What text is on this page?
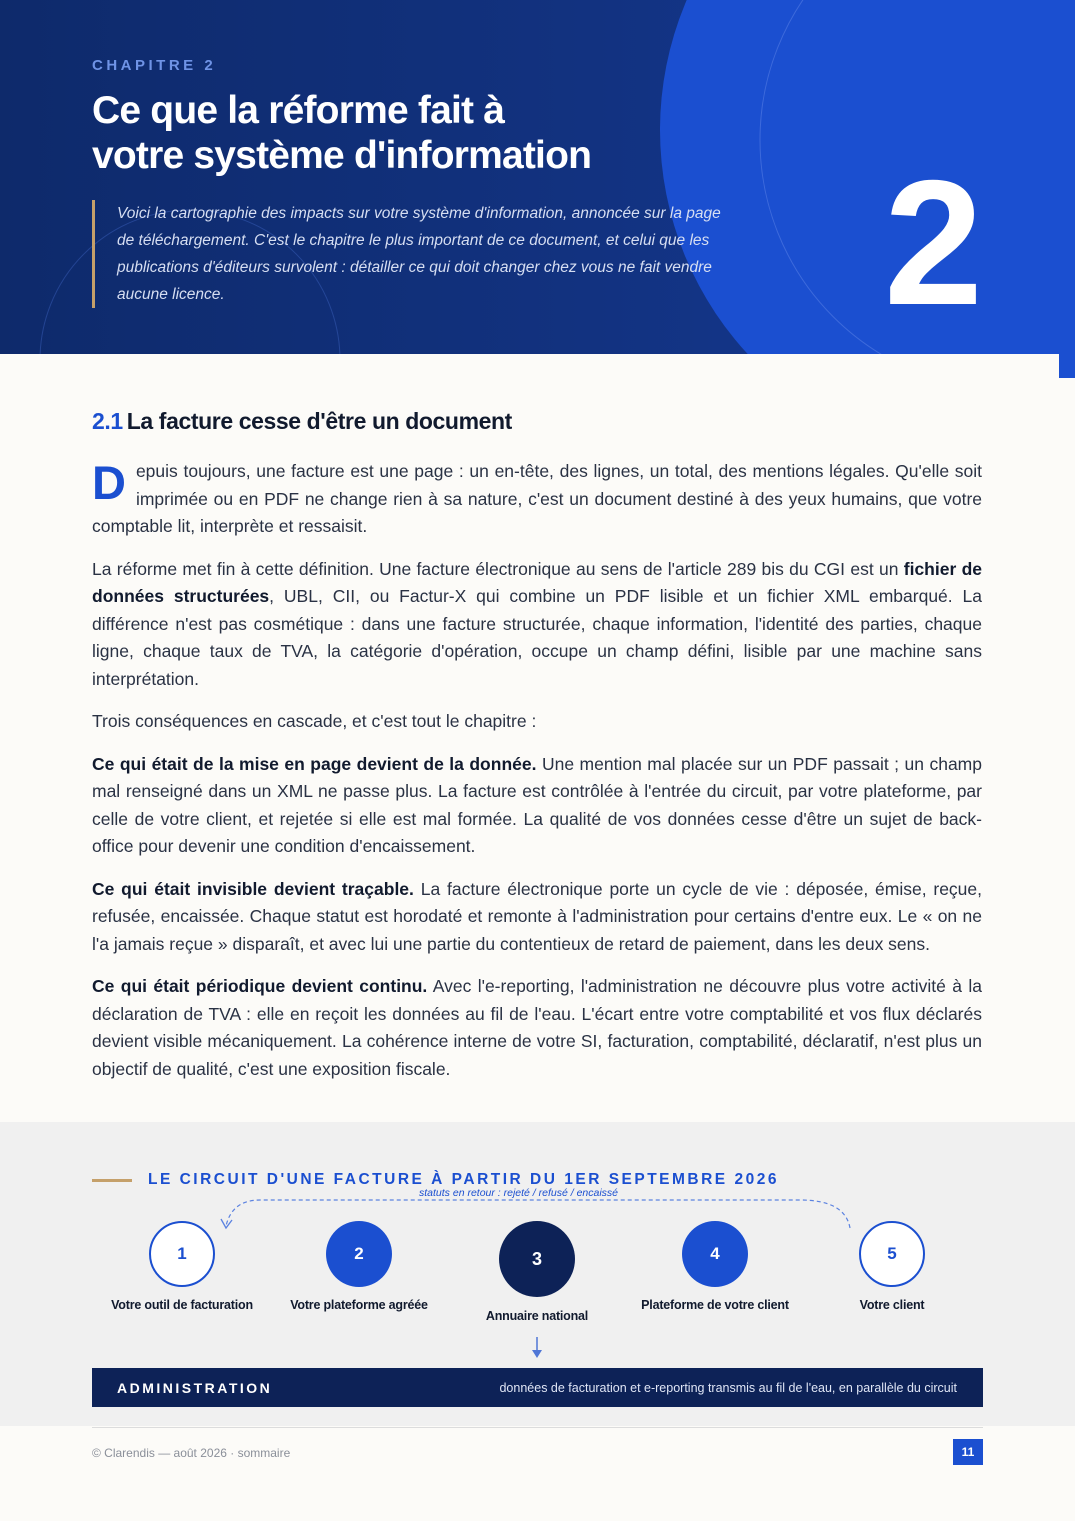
CHAPITRE 2
Ce que la réforme fait à
votre système d'information

Voici la cartographie des impacts sur votre système d'information, annoncée sur la page de téléchargement. C'est le chapitre le plus important de ce document, et celui que les publications d'éditeurs survolent : détailler ce qui doit changer chez vous ne fait vendre aucune licence.	2
2.1 La facture cesse d'être un document

Depuis toujours, une facture est une page : un en-tête, des lignes, un total, des mentions légales. Qu'elle soit imprimée ou en PDF ne change rien à sa nature, c'est un document destiné à des yeux humains, que votre comptable lit, interprète et ressaisit.

La réforme met fin à cette définition. Une facture électronique au sens de l'article 289 bis du CGI est un fichier de données structurées, UBL, CII, ou Factur-X qui combine un PDF lisible et un fichier XML embarqué. La différence n'est pas cosmétique : dans une facture structurée, chaque information, l'identité des parties, chaque ligne, chaque taux de TVA, la catégorie d'opération, occupe un champ défini, lisible par une machine sans interprétation.

Trois conséquences en cascade, et c'est tout le chapitre :

Ce qui était de la mise en page devient de la donnée. Une mention mal placée sur un PDF passait ; un champ mal renseigné dans un XML ne passe plus. La facture est contrôlée à l'entrée du circuit, par votre plateforme, par celle de votre client, et rejetée si elle est mal formée. La qualité de vos données cesse d'être un sujet de back-office pour devenir une condition d'encaissement.

Ce qui était invisible devient traçable. La facture électronique porte un cycle de vie : déposée, émise, reçue, refusée, encaissée. Chaque statut est horodaté et remonte à l'administration pour certains d'entre eux. Le « on ne l'a jamais reçue » disparaît, et avec lui une partie du contentieux de retard de paiement, dans les deux sens.

Ce qui était périodique devient continu. Avec l'e-reporting, l'administration ne découvre plus votre activité à la déclaration de TVA : elle en reçoit les données au fil de l'eau. L'écart entre votre comptabilité et vos flux déclarés devient visible mécaniquement. La cohérence interne de votre SI, facturation, comptabilité, déclaratif, n'est plus un objectif de qualité, c'est une exposition fiscale.

LE CIRCUIT D'UNE FACTURE À PARTIR DU 1ER SEPTEMBRE 2026
statuts en retour : rejeté / refusé / encaissé
1	2	3	4	5
Votre outil de facturation	Votre plateforme agréée
Annuaire national
Plateforme de votre client	Votre client
ADMINISTRATION	données de facturation et e-reporting transmis au fil de l'eau, en parallèle du circuit
© Clarendis — août 2026 · sommaire	11
